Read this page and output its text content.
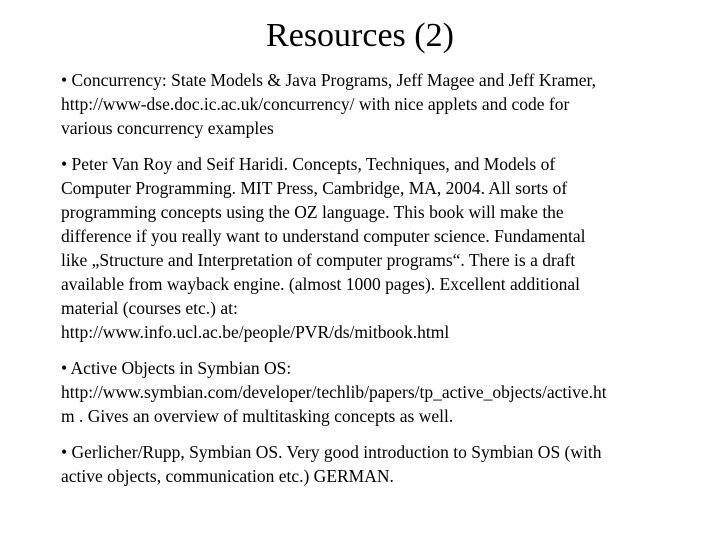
Resources (2)
• Concurrency: State Models & Java Programs, Jeff Magee and Jeff Kramer,
http://www-dse.doc.ic.ac.uk/concurrency/ with nice applets and code for
various concurrency examples
• Peter Van Roy and Seif Haridi. Concepts, Techniques, and Models of
Computer Programming. MIT Press, Cambridge, MA, 2004. All sorts of
programming concepts using the OZ language. This book will make the
difference if you really want to understand computer science. Fundamental
like „Structure and Interpretation of computer programs“. There is a draft
available from wayback engine. (almost 1000 pages). Excellent additional
material (courses etc.) at:
http://www.info.ucl.ac.be/people/PVR/ds/mitbook.html
• Active Objects in Symbian OS:
http://www.symbian.com/developer/techlib/papers/tp_active_objects/active.ht
m . Gives an overview of multitasking concepts as well.
• Gerlicher/Rupp, Symbian OS. Very good introduction to Symbian OS (with
active objects, communication etc.) GERMAN.
